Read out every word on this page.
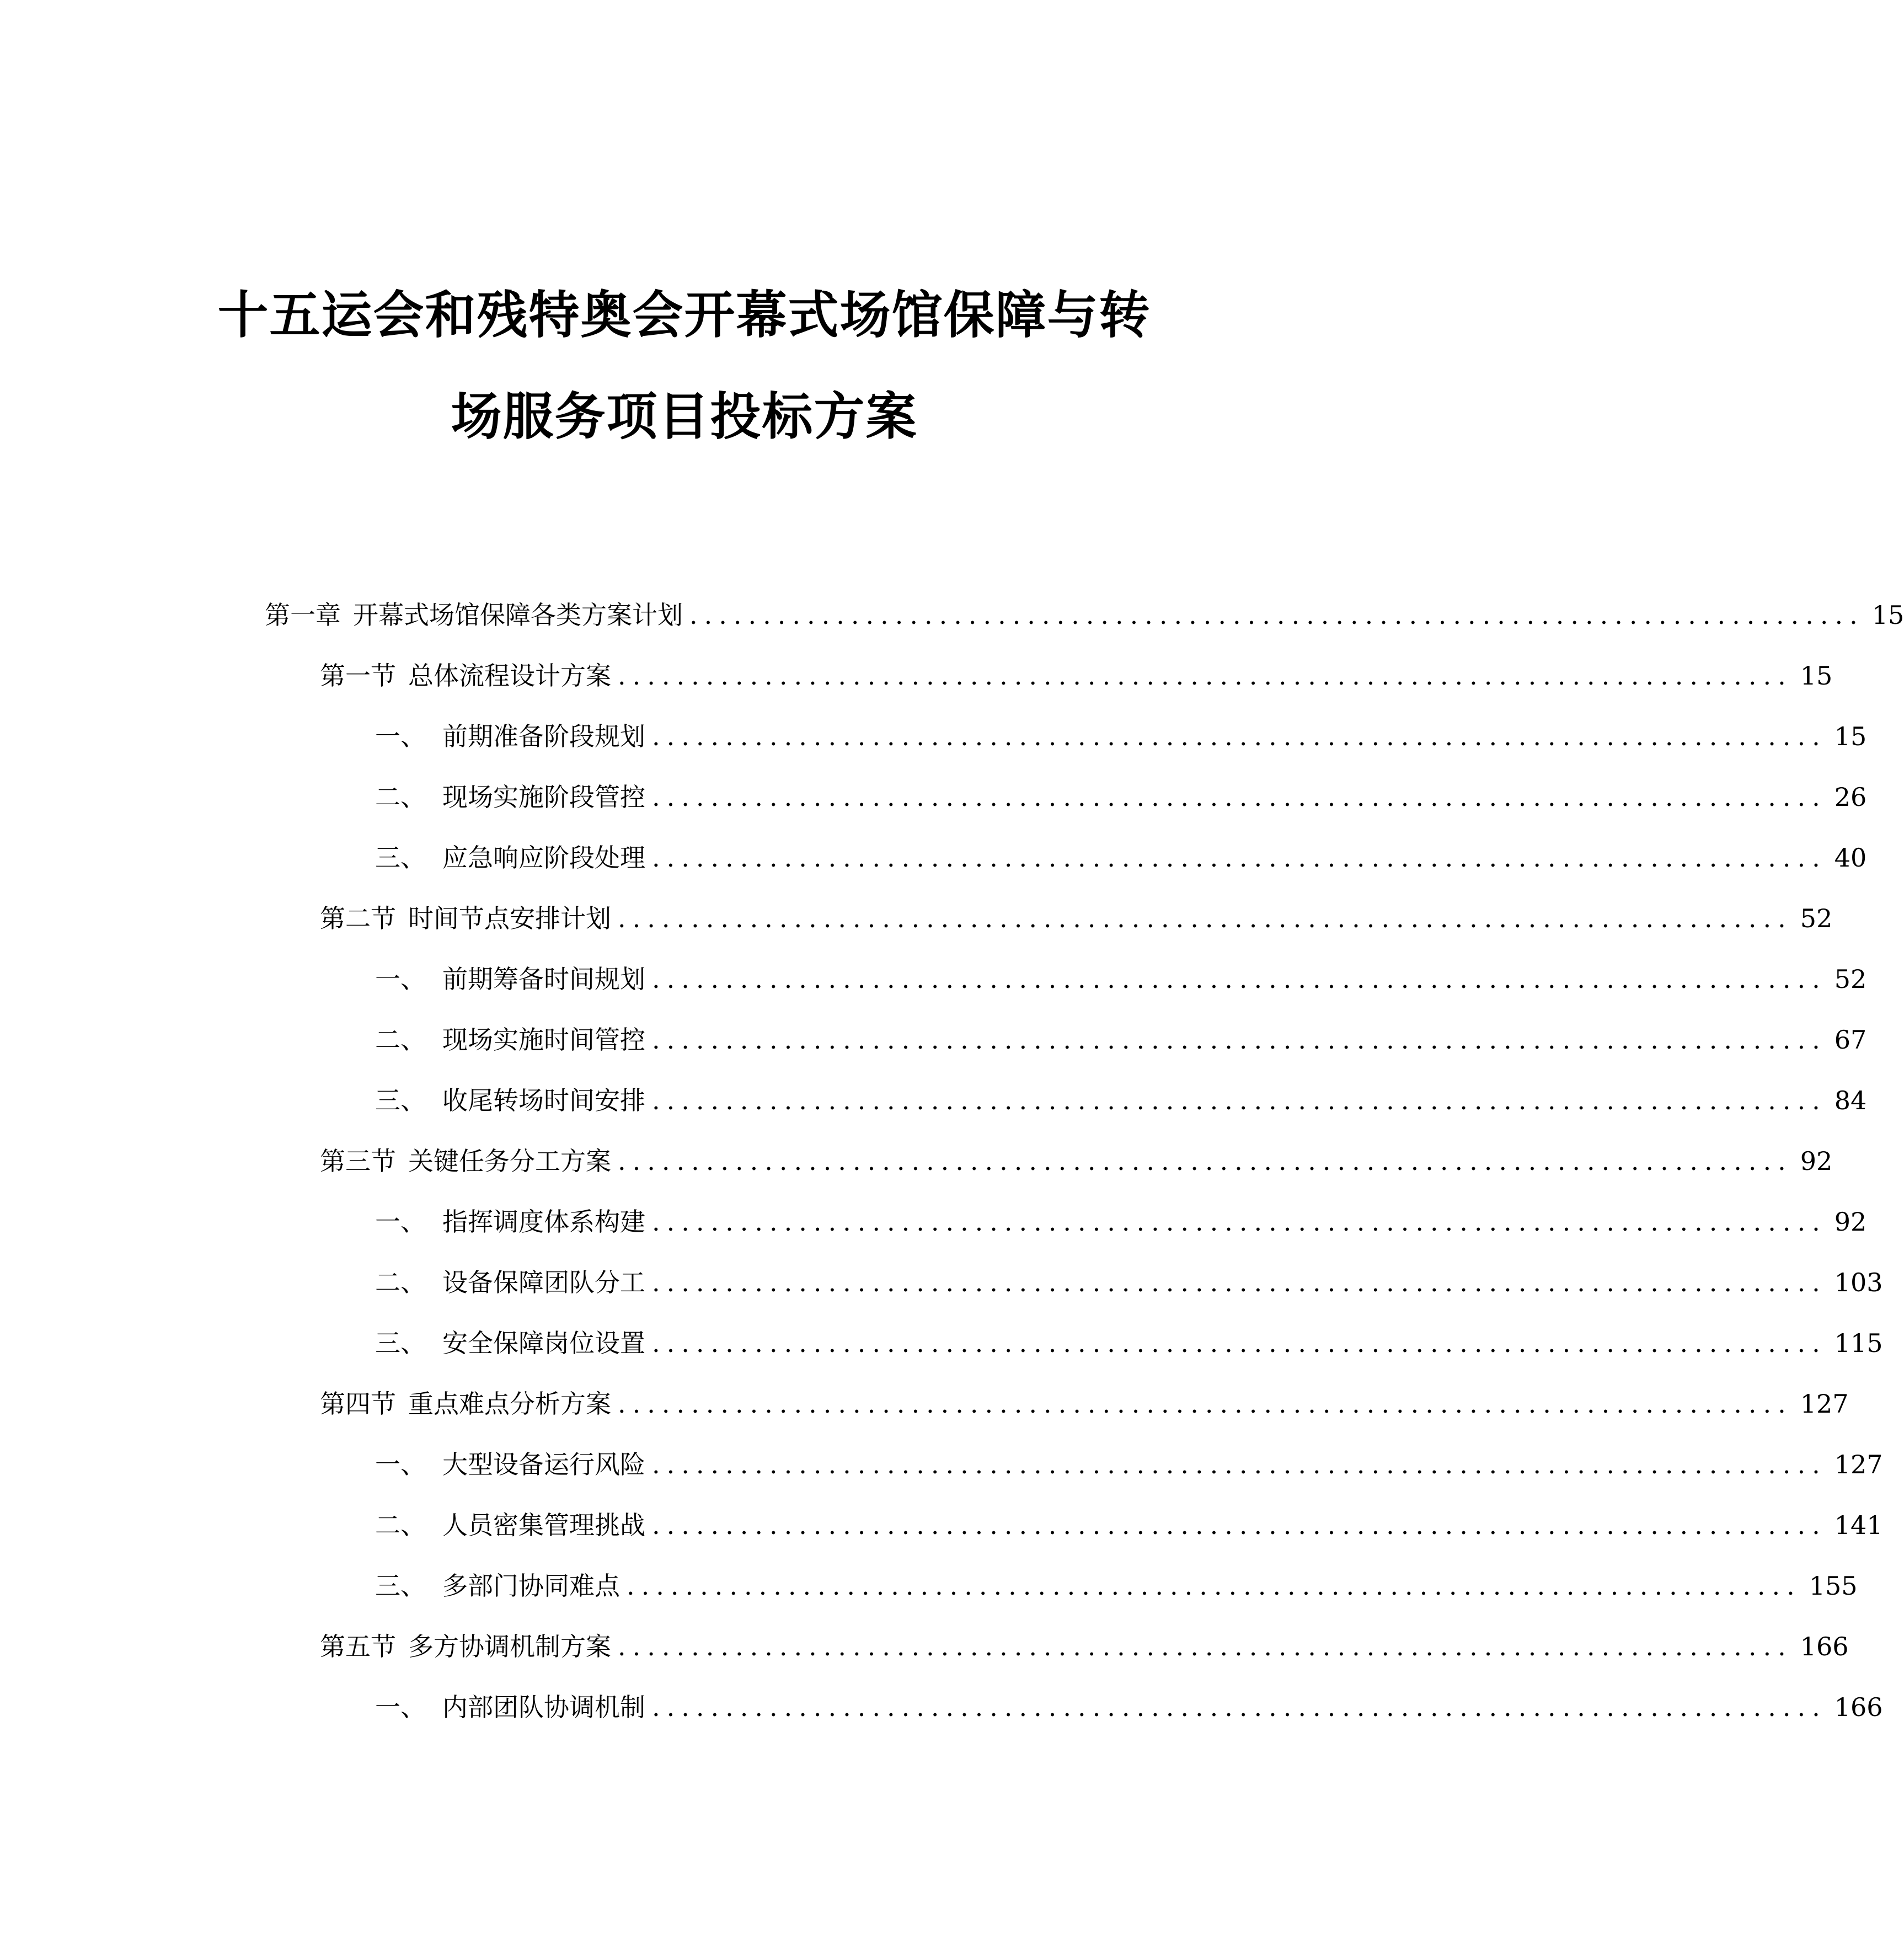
十五运会和残特奥会开幕式场馆保障与转
场服务项目投标方案
第一章 开幕式场馆保障各类方案计划 ................................................................................ 15
第一节 总体流程设计方案 ................................................................................ 15
一、 前期准备阶段规划 ................................................................................ 15
二、 现场实施阶段管控 ................................................................................ 26
三、 应急响应阶段处理 ................................................................................ 40
第二节 时间节点安排计划 ................................................................................ 52
一、 前期筹备时间规划 ................................................................................ 52
二、 现场实施时间管控 ................................................................................ 67
三、 收尾转场时间安排 ................................................................................ 84
第三节 关键任务分工方案 ................................................................................ 92
一、 指挥调度体系构建 ................................................................................ 92
二、 设备保障团队分工 ................................................................................ 103
三、 安全保障岗位设置 ................................................................................ 115
第四节 重点难点分析方案 ................................................................................ 127
一、 大型设备运行风险 ................................................................................ 127
二、 人员密集管理挑战 ................................................................................ 141
三、 多部门协同难点 ................................................................................ 155
第五节 多方协调机制方案 ................................................................................ 166
一、 内部团队协调机制 ................................................................................ 166
